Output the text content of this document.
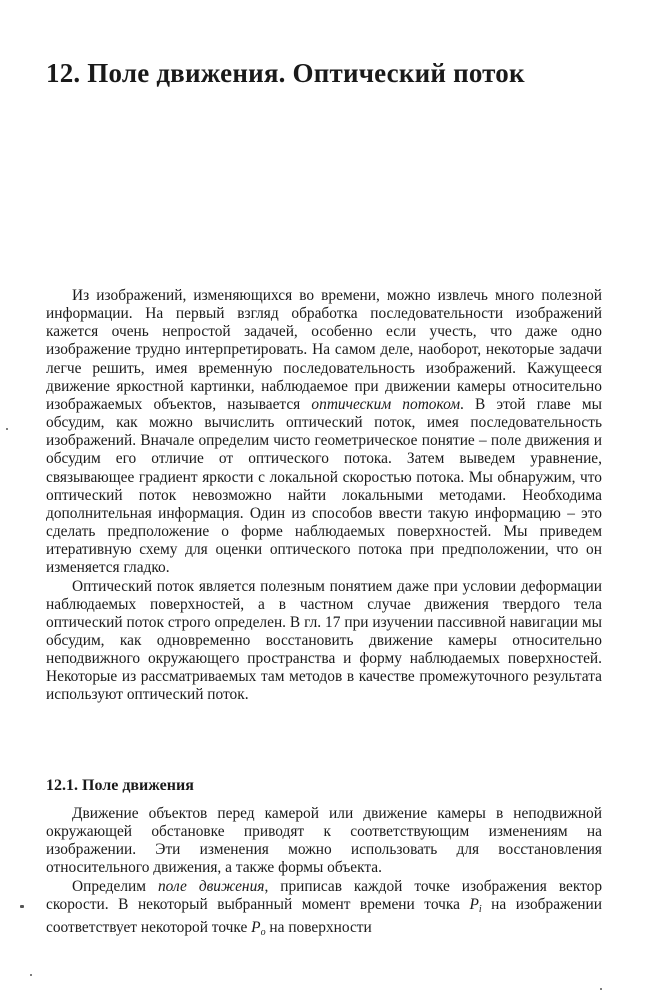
12. Поле движения. Оптический поток

Из изображений, изменяющихся во времени, можно извлечь много полезной информации. На первый взгляд обработка последовательности изображений кажется очень непростой задачей, особенно если учесть, что даже одно изображение трудно интерпретировать. На самом деле, наоборот, некоторые задачи легче решить, имея временну́ю последовательность изображений. Кажущееся движение яркостной картинки, наблюдаемое при движении камеры относительно изображаемых объектов, называется оптическим потоком. В этой главе мы обсудим, как можно вычислить оптический поток, имея последовательность изображений. Вначале определим чисто геометрическое понятие – поле движения и обсудим его отличие от оптического потока. Затем выведем уравнение, связывающее градиент яркости с локальной скоростью потока. Мы обнаружим, что оптический поток невозможно найти локальными методами. Необходима дополнительная информация. Один из способов ввести такую информацию – это сделать предположение о форме наблюдаемых поверхностей. Мы приведем итеративную схему для оценки оптического потока при предположении, что он изменяется гладко.

Оптический поток является полезным понятием даже при условии деформации наблюдаемых поверхностей, а в частном случае движения твердого тела оптический поток строго определен. В гл. 17 при изучении пассивной навигации мы обсудим, как одновременно восстановить движение камеры относительно неподвижного окружающего пространства и форму наблюдаемых поверхностей. Некоторые из рассматриваемых там методов в качестве промежуточного результата используют оптический поток.

12.1. Поле движения

Движение объектов перед камерой или движение камеры в неподвижной окружающей обстановке приводят к соответствующим изменениям на изображении. Эти изменения можно использовать для восстановления относительного движения, а также формы объекта.

Определим поле движения, приписав каждой точке изображения вектор скорости. В некоторый выбранный момент времени точка $P_i$ на изображении соответствует некоторой точке $P_o$ на поверхности
